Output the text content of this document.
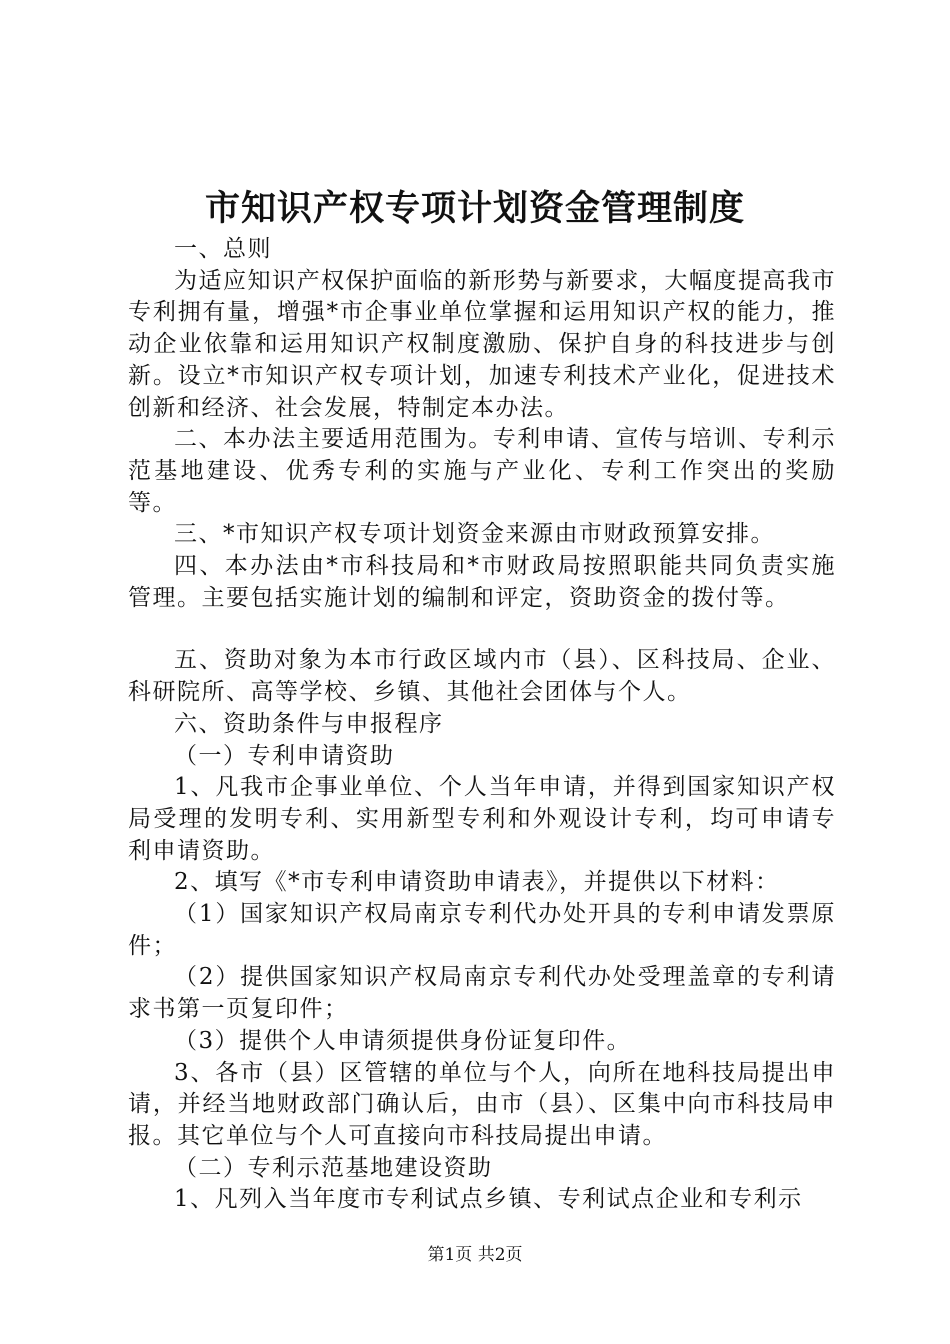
市知识产权专项计划资金管理制度

一、总则

为适应知识产权保护面临的新形势与新要求，大幅度提高我市专利拥有量，增强*市企事业单位掌握和运用知识产权的能力，推动企业依靠和运用知识产权制度激励、保护自身的科技进步与创新。设立*市知识产权专项计划，加速专利技术产业化，促进技术创新和经济、社会发展，特制定本办法。

二、本办法主要适用范围为。专利申请、宣传与培训、专利示范基地建设、优秀专利的实施与产业化、专利工作突出的奖励等。

三、*市知识产权专项计划资金来源由市财政预算安排。

四、本办法由*市科技局和*市财政局按照职能共同负责实施管理。主要包括实施计划的编制和评定，资助资金的拨付等。

五、资助对象为本市行政区域内市（县）、区科技局、企业、科研院所、高等学校、乡镇、其他社会团体与个人。

六、资助条件与申报程序

（一）专利申请资助

1、凡我市企事业单位、个人当年申请，并得到国家知识产权局受理的发明专利、实用新型专利和外观设计专利，均可申请专利申请资助。

2、填写《*市专利申请资助申请表》，并提供以下材料：

（1）国家知识产权局南京专利代办处开具的专利申请发票原件；

（2）提供国家知识产权局南京专利代办处受理盖章的专利请求书第一页复印件；

（3）提供个人申请须提供身份证复印件。

3、各市（县）区管辖的单位与个人，向所在地科技局提出申请，并经当地财政部门确认后，由市（县）、区集中向市科技局申报。其它单位与个人可直接向市科技局提出申请。

（二）专利示范基地建设资助

1、凡列入当年度市专利试点乡镇、专利试点企业和专利示

第1页 共2页
